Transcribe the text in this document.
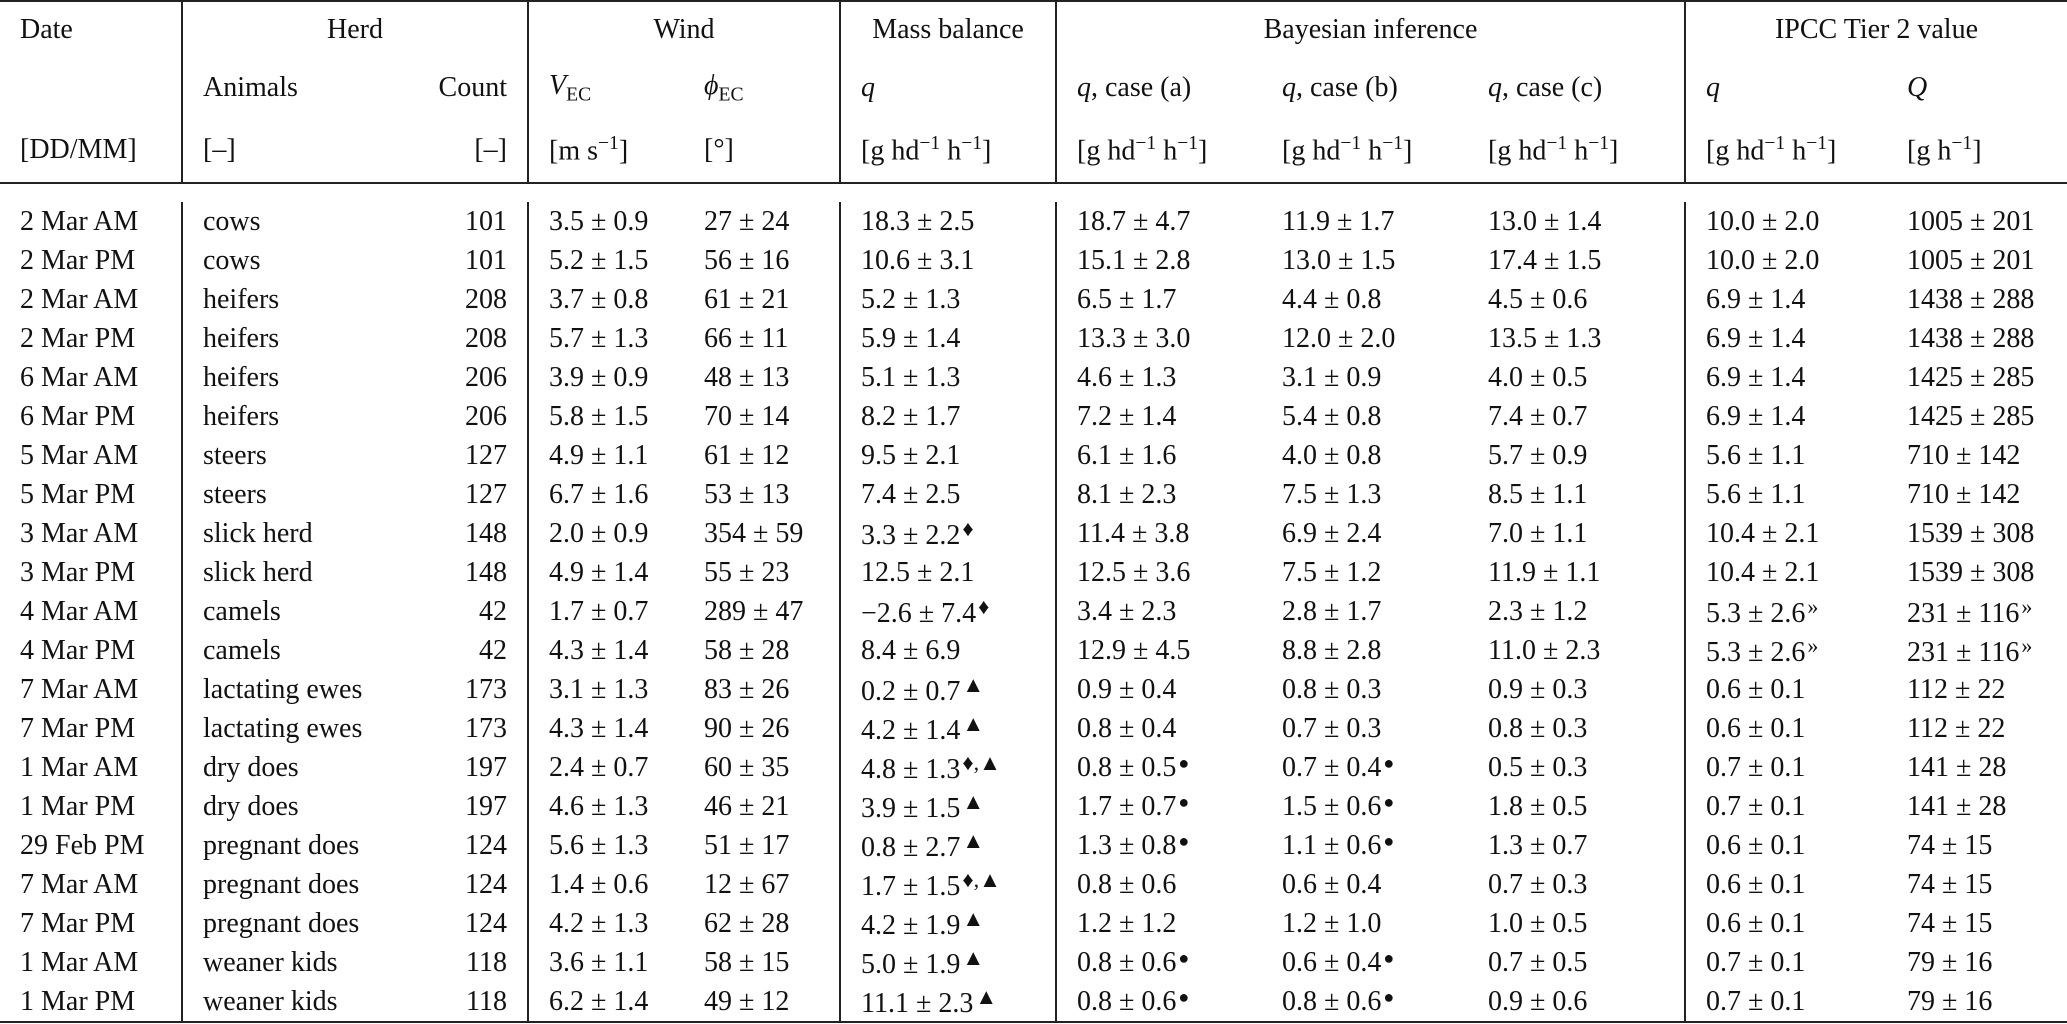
Date	Herd		Wind		Mass balance	Bayesian inference			IPCC Tier 2 value	
	Animals	Count	$V_{EC}$	$\phi_{EC}$	q	q, case (a)	q, case (b)	q, case (c)	q	Q
[DD/MM]	[–]	[–]	[m $s^{-1}$]	[°]	[g $hd^{-1}$ $h^{-1}$]	[g $hd^{-1}$ $h^{-1}$]	[g $hd^{-1}$ $h^{-1}$]	[g $hd^{-1}$ $h^{-1}$]	[g $hd^{-1}$ $h^{-1}$]	[g $h^{-1}$]

2 Mar AM	cows	101	3.5 ± 0.9	27 ± 24	18.3 ± 2.5	18.7 ± 4.7	11.9 ± 1.7	13.0 ± 1.4	10.0 ± 2.0	1005 ± 201
2 Mar PM	cows	101	5.2 ± 1.5	56 ± 16	10.6 ± 3.1	15.1 ± 2.8	13.0 ± 1.5	17.4 ± 1.5	10.0 ± 2.0	1005 ± 201
2 Mar AM	heifers	208	3.7 ± 0.8	61 ± 21	5.2 ± 1.3	6.5 ± 1.7	4.4 ± 0.8	4.5 ± 0.6	6.9 ± 1.4	1438 ± 288
2 Mar PM	heifers	208	5.7 ± 1.3	66 ± 11	5.9 ± 1.4	13.3 ± 3.0	12.0 ± 2.0	13.5 ± 1.3	6.9 ± 1.4	1438 ± 288
6 Mar AM	heifers	206	3.9 ± 0.9	48 ± 13	5.1 ± 1.3	4.6 ± 1.3	3.1 ± 0.9	4.0 ± 0.5	6.9 ± 1.4	1425 ± 285
6 Mar PM	heifers	206	5.8 ± 1.5	70 ± 14	8.2 ± 1.7	7.2 ± 1.4	5.4 ± 0.8	7.4 ± 0.7	6.9 ± 1.4	1425 ± 285
5 Mar AM	steers	127	4.9 ± 1.1	61 ± 12	9.5 ± 2.1	6.1 ± 1.6	4.0 ± 0.8	5.7 ± 0.9	5.6 ± 1.1	710 ± 142
5 Mar PM	steers	127	6.7 ± 1.6	53 ± 13	7.4 ± 2.5	8.1 ± 2.3	7.5 ± 1.3	8.5 ± 1.1	5.6 ± 1.1	710 ± 142
3 Mar AM	slick herd	148	2.0 ± 0.9	354 ± 59	3.3 ± 2.2♦	11.4 ± 3.8	6.9 ± 2.4	7.0 ± 1.1	10.4 ± 2.1	1539 ± 308
3 Mar PM	slick herd	148	4.9 ± 1.4	55 ± 23	12.5 ± 2.1	12.5 ± 3.6	7.5 ± 1.2	11.9 ± 1.1	10.4 ± 2.1	1539 ± 308
4 Mar AM	camels	42	1.7 ± 0.7	289 ± 47	−2.6 ± 7.4♦	3.4 ± 2.3	2.8 ± 1.7	2.3 ± 1.2	5.3 ± 2.6»	231 ± 116»
4 Mar PM	camels	42	4.3 ± 1.4	58 ± 28	8.4 ± 6.9	12.9 ± 4.5	8.8 ± 2.8	11.0 ± 2.3	5.3 ± 2.6»	231 ± 116»
7 Mar AM	lactating ewes	173	3.1 ± 1.3	83 ± 26	0.2 ± 0.7▲	0.9 ± 0.4	0.8 ± 0.3	0.9 ± 0.3	0.6 ± 0.1	112 ± 22
7 Mar PM	lactating ewes	173	4.3 ± 1.4	90 ± 26	4.2 ± 1.4▲	0.8 ± 0.4	0.7 ± 0.3	0.8 ± 0.3	0.6 ± 0.1	112 ± 22
1 Mar AM	dry does	197	2.4 ± 0.7	60 ± 35	4.8 ± 1.3♦,▲	0.8 ± 0.5 ●	0.7 ± 0.4 ●	0.5 ± 0.3	0.7 ± 0.1	141 ± 28
1 Mar PM	dry does	197	4.6 ± 1.3	46 ± 21	3.9 ± 1.5▲	1.7 ± 0.7 ●	1.5 ± 0.6 ●	1.8 ± 0.5	0.7 ± 0.1	141 ± 28
29 Feb PM	pregnant does	124	5.6 ± 1.3	51 ± 17	0.8 ± 2.7▲	1.3 ± 0.8 ●	1.1 ± 0.6 ●	1.3 ± 0.7	0.6 ± 0.1	74 ± 15
7 Mar AM	pregnant does	124	1.4 ± 0.6	12 ± 67	1.7 ± 1.5♦,▲	0.8 ± 0.6	0.6 ± 0.4	0.7 ± 0.3	0.6 ± 0.1	74 ± 15
7 Mar PM	pregnant does	124	4.2 ± 1.3	62 ± 28	4.2 ± 1.9▲	1.2 ± 1.2	1.2 ± 1.0	1.0 ± 0.5	0.6 ± 0.1	74 ± 15
1 Mar AM	weaner kids	118	3.6 ± 1.1	58 ± 15	5.0 ± 1.9▲	0.8 ± 0.6 ●	0.6 ± 0.4 ●	0.7 ± 0.5	0.7 ± 0.1	79 ± 16
1 Mar PM	weaner kids	118	6.2 ± 1.4	49 ± 12	11.1 ± 2.3▲	0.8 ± 0.6 ●	0.8 ± 0.6 ●	0.9 ± 0.6	0.7 ± 0.1	79 ± 16
